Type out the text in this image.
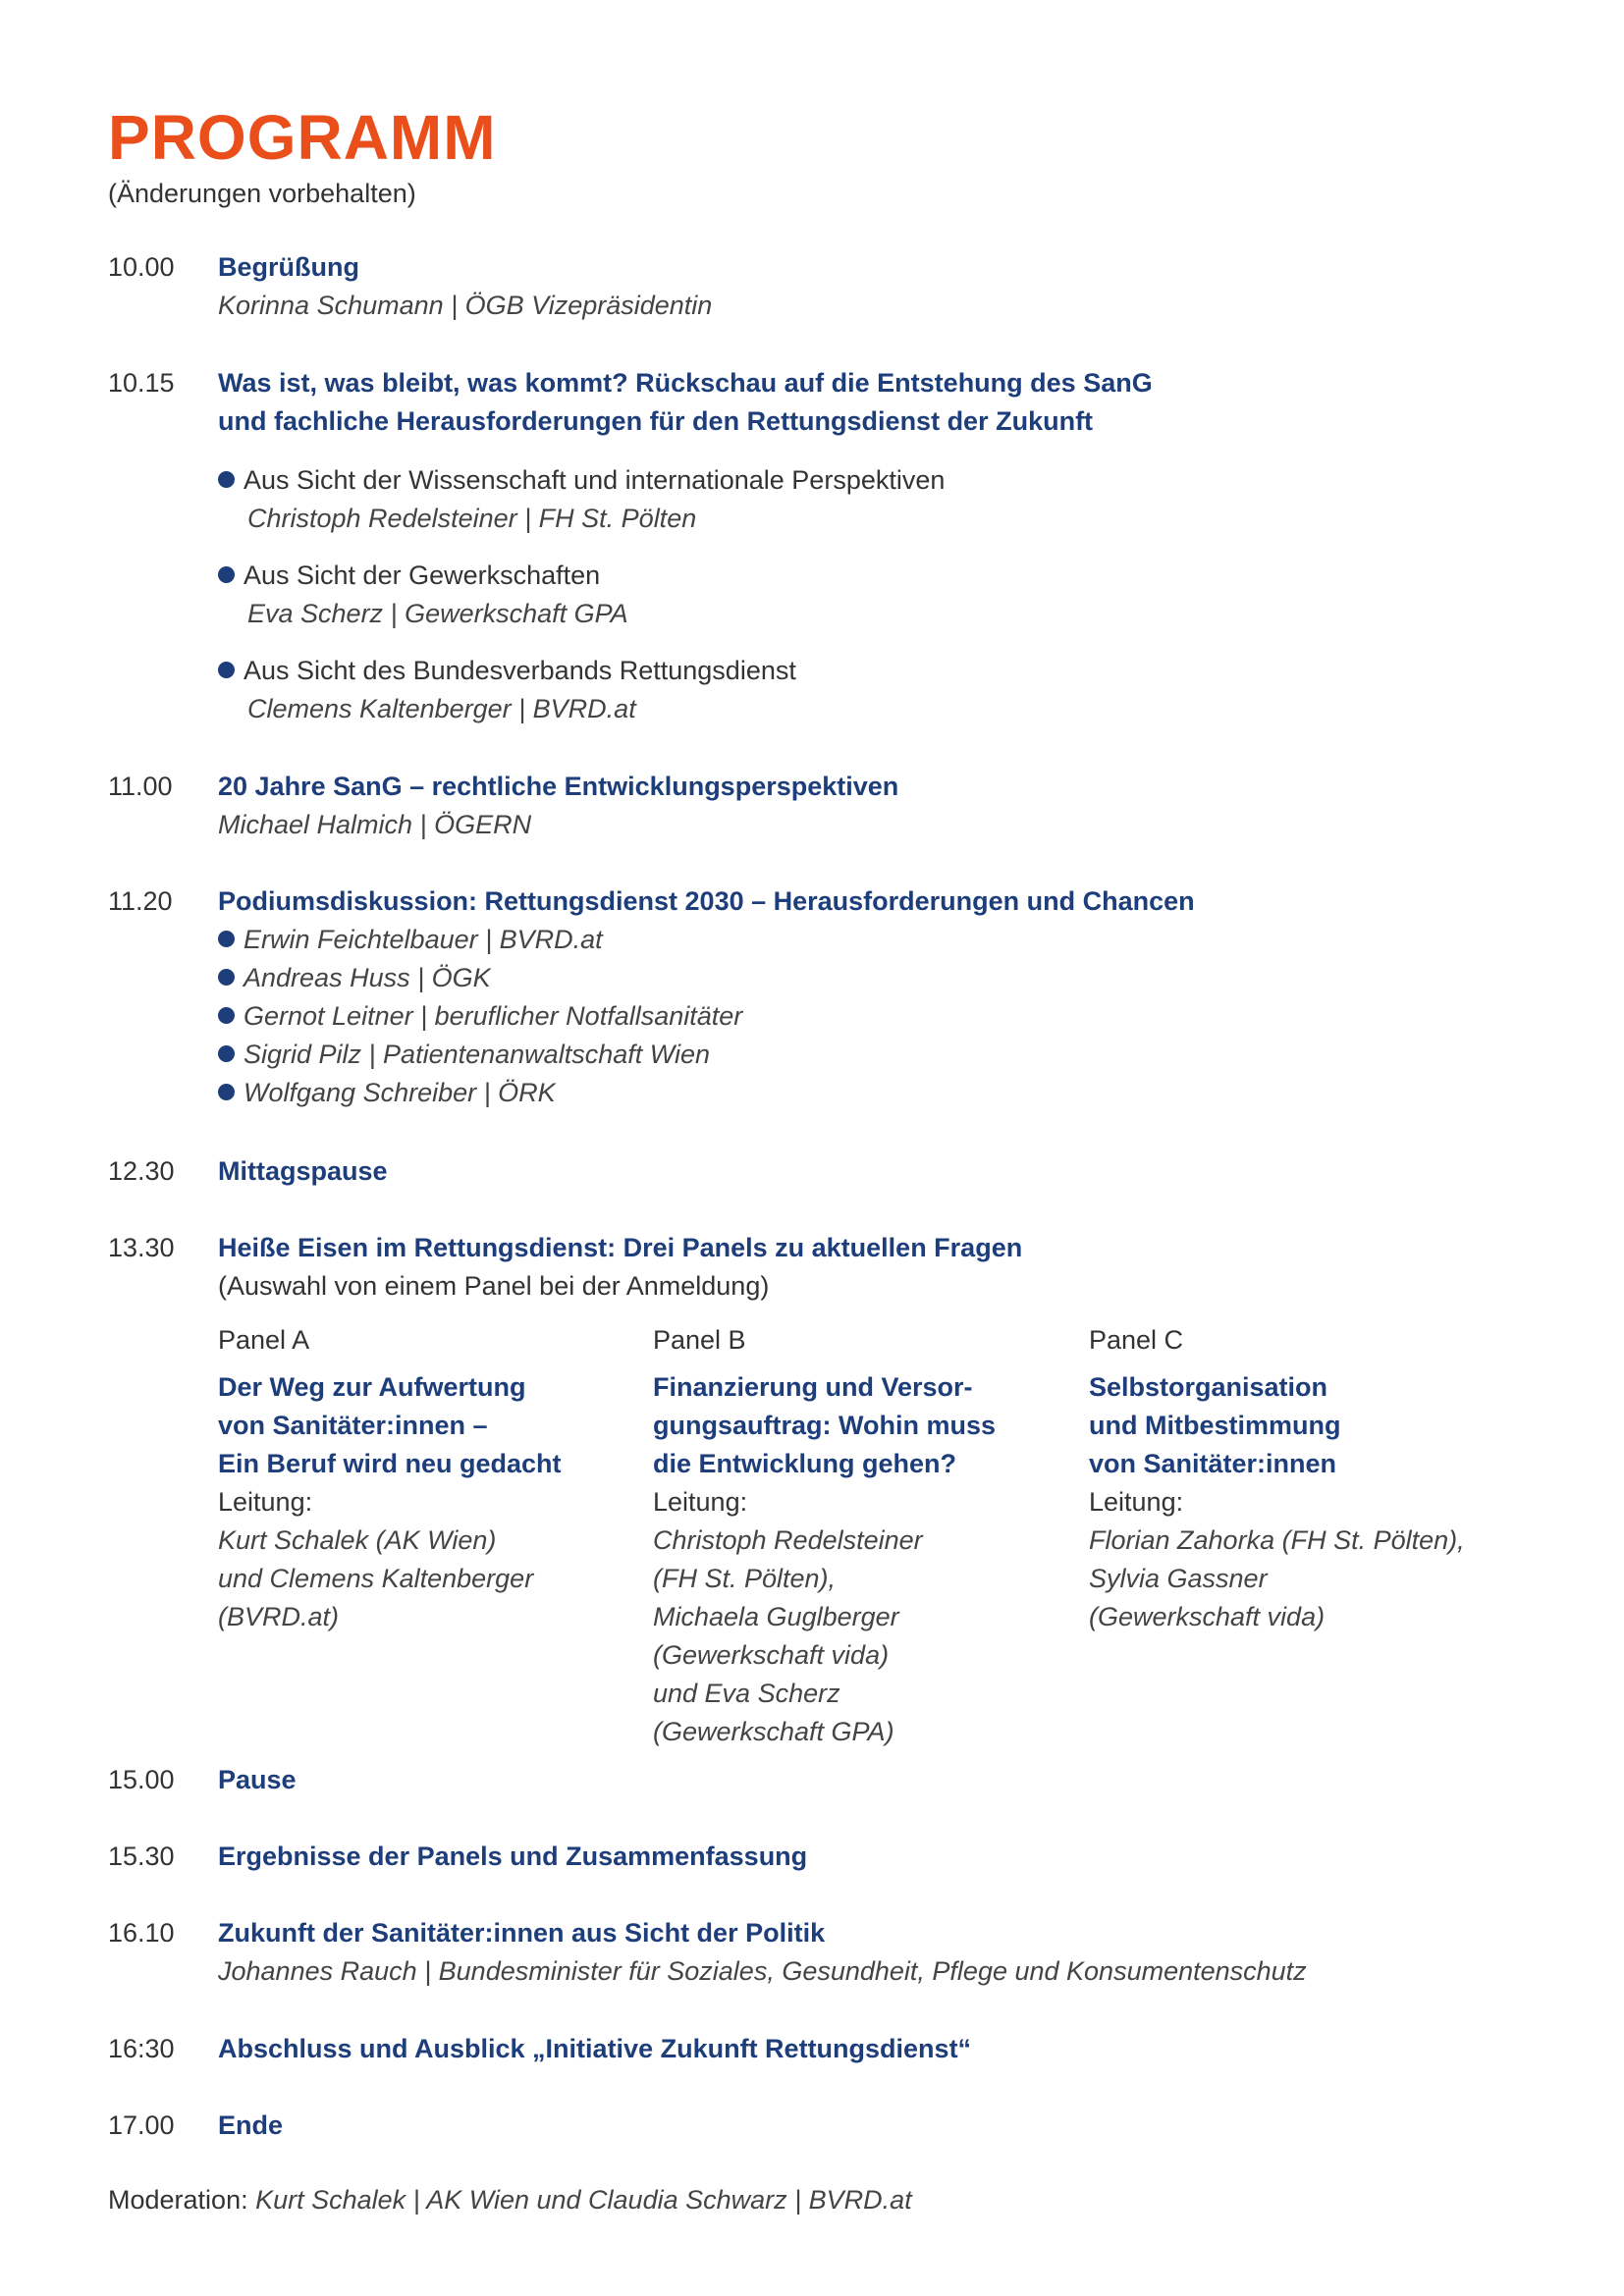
PROGRAMM
(Änderungen vorbehalten)
10.00 Begrüßung
Korinna Schumann | ÖGB Vizepräsidentin
10.15 Was ist, was bleibt, was kommt? Rückschau auf die Entstehung des SanG
und fachliche Herausforderungen für den Rettungsdienst der Zukunft
Aus Sicht der Wissenschaft und internationale Perspektiven
Christoph Redelsteiner | FH St. Pölten
Aus Sicht der Gewerkschaften
Eva Scherz | Gewerkschaft GPA
Aus Sicht des Bundesverbands Rettungsdienst
Clemens Kaltenberger | BVRD.at
11.00 20 Jahre SanG – rechtliche Entwicklungsperspektiven
Michael Halmich | ÖGERN
11.20 Podiumsdiskussion: Rettungsdienst 2030 – Herausforderungen und Chancen
Erwin Feichtelbauer | BVRD.at
Andreas Huss | ÖGK
Gernot Leitner | beruflicher Notfallsanitäter
Sigrid Pilz | Patientenanwaltschaft Wien
Wolfgang Schreiber | ÖRK
12.30 Mittagspause
13.30 Heiße Eisen im Rettungsdienst: Drei Panels zu aktuellen Fragen
(Auswahl von einem Panel bei der Anmeldung)
Panel A
Der Weg zur Aufwertung
von Sanitäter:innen –
Ein Beruf wird neu gedacht
Leitung:
Kurt Schalek (AK Wien)
und Clemens Kaltenberger
(BVRD.at)
Panel B
Finanzierung und Versor-
gungsauftrag: Wohin muss
die Entwicklung gehen?
Leitung:
Christoph Redelsteiner
(FH St. Pölten),
Michaela Guglberger
(Gewerkschaft vida)
und Eva Scherz
(Gewerkschaft GPA)
Panel C
Selbstorganisation
und Mitbestimmung
von Sanitäter:innen
Leitung:
Florian Zahorka (FH St. Pölten),
Sylvia Gassner
(Gewerkschaft vida)
15.00 Pause
15.30 Ergebnisse der Panels und Zusammenfassung
16.10 Zukunft der Sanitäter:innen aus Sicht der Politik
Johannes Rauch | Bundesminister für Soziales, Gesundheit, Pflege und Konsumentenschutz
16:30 Abschluss und Ausblick „Initiative Zukunft Rettungsdienst“
17.00 Ende
Moderation: Kurt Schalek | AK Wien und Claudia Schwarz | BVRD.at
